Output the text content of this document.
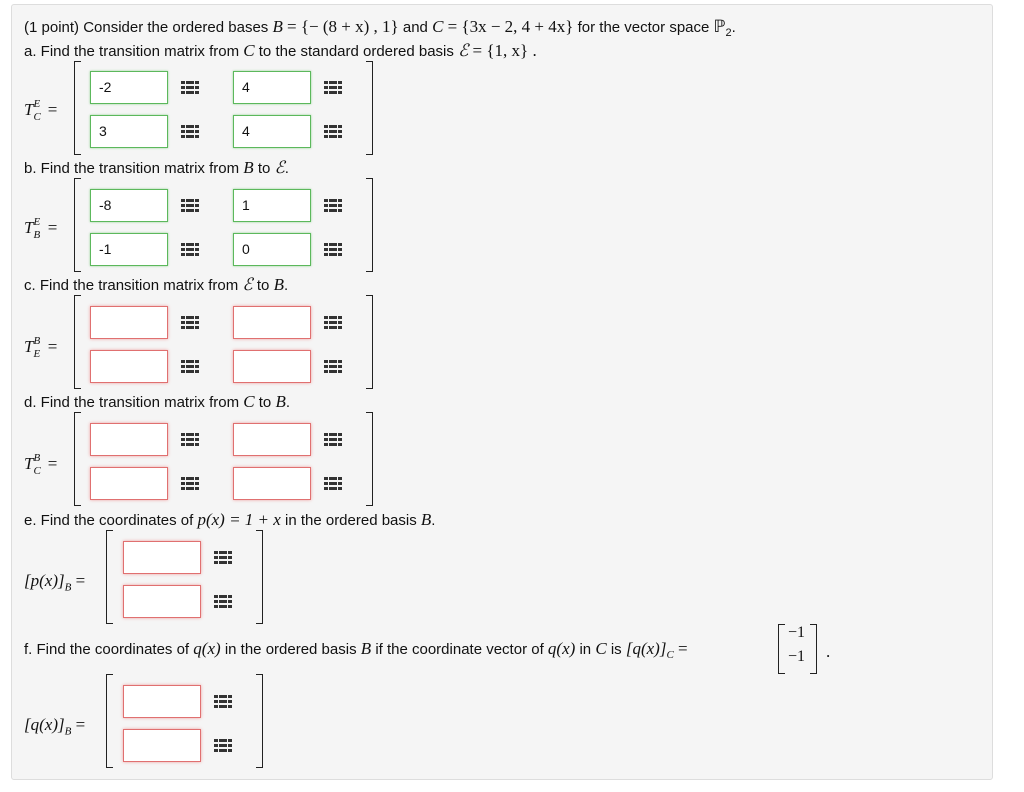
(1 point) Consider the ordered bases B = {− (8 + x) , 1} and C = {3x − 2, 4 + 4x} for the vector space ℙ$_2$.
a. Find the transition matrix from C to the standard ordered basis ℰ = {1, x} .
T E
C =
-2	4
3	4
b. Find the transition matrix from B to ℰ.
T E
B =
-8	1
-1	0
c. Find the transition matrix from ℰ to B.
T B
E =
d. Find the transition matrix from C to B.
T B
C =
e. Find the coordinates of p(x) = 1 + x in the ordered basis B.
$[p(x)]_B$ =
f. Find the coordinates of q(x) in the ordered basis B if the coordinate vector of q(x) in C is $[q(x)]_C$ =
−1
−1 .
$[q(x)]_B$ =
